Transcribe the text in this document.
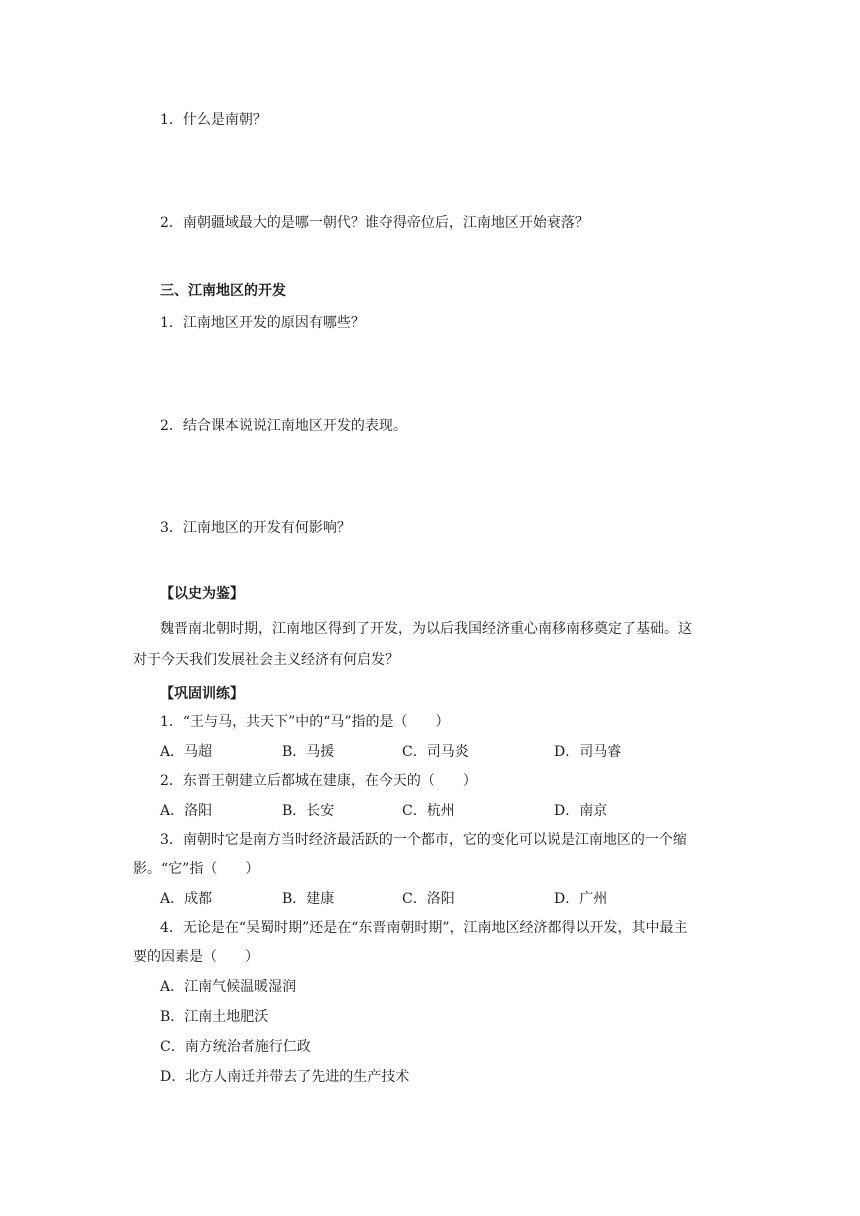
1．什么是南朝？
2．南朝疆域最大的是哪一朝代？谁夺得帝位后，江南地区开始衰落？
三、江南地区的开发
1．江南地区开发的原因有哪些？
2．结合课本说说江南地区开发的表现。
3．江南地区的开发有何影响？
【以史为鉴】
魏晋南北朝时期，江南地区得到了开发，为以后我国经济重心南移南移奠定了基础。这
对于今天我们发展社会主义经济有何启发？
【巩固训练】
1．“王与马，共天下”中的“马”指的是（　　）
A．马超	B．马援	C．司马炎	D．司马睿
2．东晋王朝建立后都城在建康，在今天的（　　）
A．洛阳	B．长安	C．杭州	D．南京
3．南朝时它是南方当时经济最活跃的一个都市，它的变化可以说是江南地区的一个缩
影。“它”指（　　）
A．成都	B．建康	C．洛阳	D．广州
4．无论是在“吴蜀时期”还是在“东晋南朝时期”，江南地区经济都得以开发，其中最主
要的因素是（　　）
A．江南气候温暖湿润
B．江南土地肥沃
C．南方统治者施行仁政
D．北方人南迁并带去了先进的生产技术
